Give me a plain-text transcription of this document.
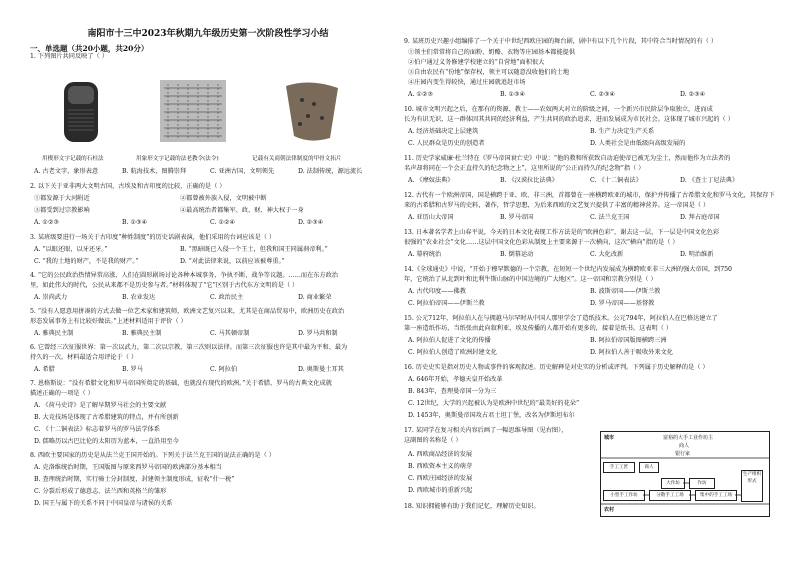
南阳市十三中2023年秋期九年级历史第一次阶段性学习小结
一、单选题（共20小题，共20分）
1. 下列图片共同反映了（ ）
用楔形文字记载的石柱法	用象形文字记载的法老教令(法令)	记载有关商朝法律制度的甲骨文拓片
A. 古老文字，象形表意	B. 航海技术，图腾崇拜	C. 亚洲古国，文明领先	D. 法制传统，源远流长
2. 以下关于亚非两大文明古国，古埃及和古印度的比较，正确的是（ ）
①都发源于大河附近	②都曾被外族入侵，文明被中断
③都受到过宗教影响	④最高统治者都集军、政、财、神大权于一身
A. ①②③	B. ①③④	C. ①②④	D. ②③④
3. 某班级要进行一场关于古印度“种姓制度”的历史话剧表演，他们采用的台词应该是（ ）
A. “以眼还眼，以牙还牙。”	B. “黑暗既已入侵一个王土，但我和国王同属刹帝利。”
C. “我的土地的财产，不是我的财产。”	D. “对此法律来说，以前应该被尊重。”
4. “它的公民政治热情异常高涨，人们在圆形剧场讨论各种本城事务，争执不断，战争等议题。……而在东方政治
里，如此伟大的时代，公民从来都不是历史参与者。”材料体现了“它”区别于古代东方文明的是（ ）
A. 崇尚武力	B. 农业发达	C. 政治民主	D. 商业繁荣
5. “没有人愿意用拼凑的方式去做一位艺术家和建筑师，欧洲文艺复兴以来，尤其是在商品贸易中，欧洲历史在政治
形态发展事务上有比较好做法。”上述材料适用于评价（ ）
A. 雅典民主制	B. 雅典民主制	C. 马其顿帝制	D. 罗马共和制
6. 它曾经三次征服世界：第一次以武力，第二次以宗教，第三次则以法律。而第三次征服也许是其中最为平和、最为
持久的一次。材料最适合用评论于（ ）
A. 希腊	B. 罗马	C. 阿拉伯	D. 奥斯曼土耳其
7. 恩格斯说：“没有希腊文化和罗马帝国所奠定的基础，也就没有现代的欧洲。”关于希腊、罗马的古典文化成就
描述正确的一项是（ ）
A. 《荷马史诗》是了解早期罗马社会的主要文献
B. 大竞技场是体现了古希腊建筑的特点，并有所创新
C. 《十二铜表法》标志着罗马的罗马法学体系
D. 儒略历以古巴比伦的太阳历为蓝本，一直沿用至今
8. 西欧主要国家的历史是从法兰克王国开始的。下列关于法兰克王国的说法正确的是（ ）
A. 克洛维统治时期，王国版图与原来西罗马帝国的欧洲部分基本相当
B. 查理统治时期，实行骑士分封制度，封建领主制度形成，征收“什一税”
C. 分裂后形成了德意志、法兰西和英格兰的雏形
D. 国王与属下的关系不同于中国皇帝与诸侯的关系
9. 某班历史兴趣小组编排了一个关于中世纪西欧庄园的舞台剧，剧中有以下几个片段，其中符合当时情况的有（ ）
①领主们常常将自己的面粉、奶酪、衣物等庄园基本都能提供
②伯户通过义务修建学校建立的“自营地”面积很大
③自由农民有“份地”保存权，领主可以随意没收他们的土地
④庄园内变生得较快，通过庄园就追赶市场
A. ①②③	B. ①③④	C. ②③④	D. ②③④
10. 城市文明兴起之后，在那有的资源、教士——农奴两大对立的阶级之间，一个新兴市民阶层争取独立，进而成
长为有识无识，这一群体因其共同的经济利益，产生共同的政治追求，进而发展成为市民社会。这体现了城市兴起的（ ）
A. 经济基础决定上层建筑	B. 生产力决定生产关系
C. 人民群众是历史的创造者	D. 人类社会是由低级向高级发展的
11. 历史学家威廉·杜兰特在《罗马帝国衰亡史》中说：“他的教和所获致自动迫使帝已被无为尘土，然而他作为立法者的
名声却将同在一个会正直持久的纪念物之上”，这里所说的“公正而持久的纪念物”指（ ）
A. 《摩奴法典》	B. 《汉谟拉比法典》	C. 《十二铜表法》	D. 《查士丁尼法典》
12. 古代有一个欧洲帝国，国是横跨于亚、欧、非三洲，首都曾在一座横跨欧亚的城市，保护并传播了古希腊文化和罗马文化，其保存下
来的古希腊和古罗马的史料，著作，哲学思想，为后来西欧的文艺复兴提供了丰富的精神营养。这一帝国是（ ）
A. 亚历山大帝国	B. 罗马帝国	C. 法兰克王国	D. 拜占庭帝国
13. 日本著名学者上山春平说，今天的日本文化表现工作方法是的“欧洲色彩”，谢去这一层，下一层是中国文化色彩
很强的“农业社会”文化……这层中国文化色彩从制度上主要来源于一次横向，这次“横向”指的是（ ）
A. 幕府统治	B. 倒幕运动	C. 大化改新	D. 明治维新
14.《全球通史》中说，“开始于穆罕默德的一个宗教，在短短一个世纪内发展成为横跨欧亚非三大洲的强大帝国，到750
年，它统治了从北到叶和比利牛斯山脉的中国边境的广大地区”。这一帝国和宗教分别是（ ）
A. 古代印度——佛教	B. 波斯帝国——伊斯兰教
C. 阿拉伯帝国——伊斯兰教	D. 罗马帝国——基督教
15. 公元712年，阿拉伯人在与拥越马尔罕时从中国人那里学会了造纸技术。公元794年，阿拉伯人在巴格达建立了
第一座造纸作坊，当纸张由此向叙利亚、埃及传播的人都开始有更多的，接着是纸书。这表明（ ）
A. 阿拉伯人促进了文化的传播	B. 阿拉伯帝国版图横跨三洲
C. 阿拉伯人创造了欧洲封建文化	D. 阿拉伯人善于吸收外来文化
16. 历史史实是指对历史人物或事件的客观叙述。历史解释是对史实的分析或评判。下列属于历史解释的是（ ）
A. 646年开始，孝德天皇开始改革
B. 843年，查理曼帝国一分为三
C. 12世纪，大学的兴起被认为是欧洲中世纪的“最美好的花朵”
D. 1453年，奥斯曼帝国攻占君士坦丁堡，改名为伊斯坦布尔
17. 某同学在复习相关内容后画了一幅思维导图（见右图），
这副图的名称是（ ）
A. 西欧商品经济的发展
B. 西欧资本主义的萌芽
C. 西欧庄园经济的发展
D. 西欧城市的重新兴起
18. 知识拥能够有助于我们记忆，理解历史知识。
城市
农村
富裕的大手工业作坊主
商人
银行家
手工工匠	商人
大作坊	作坊
小型手工作坊	分散手工工场	集中的手工工场
生产组织形式
